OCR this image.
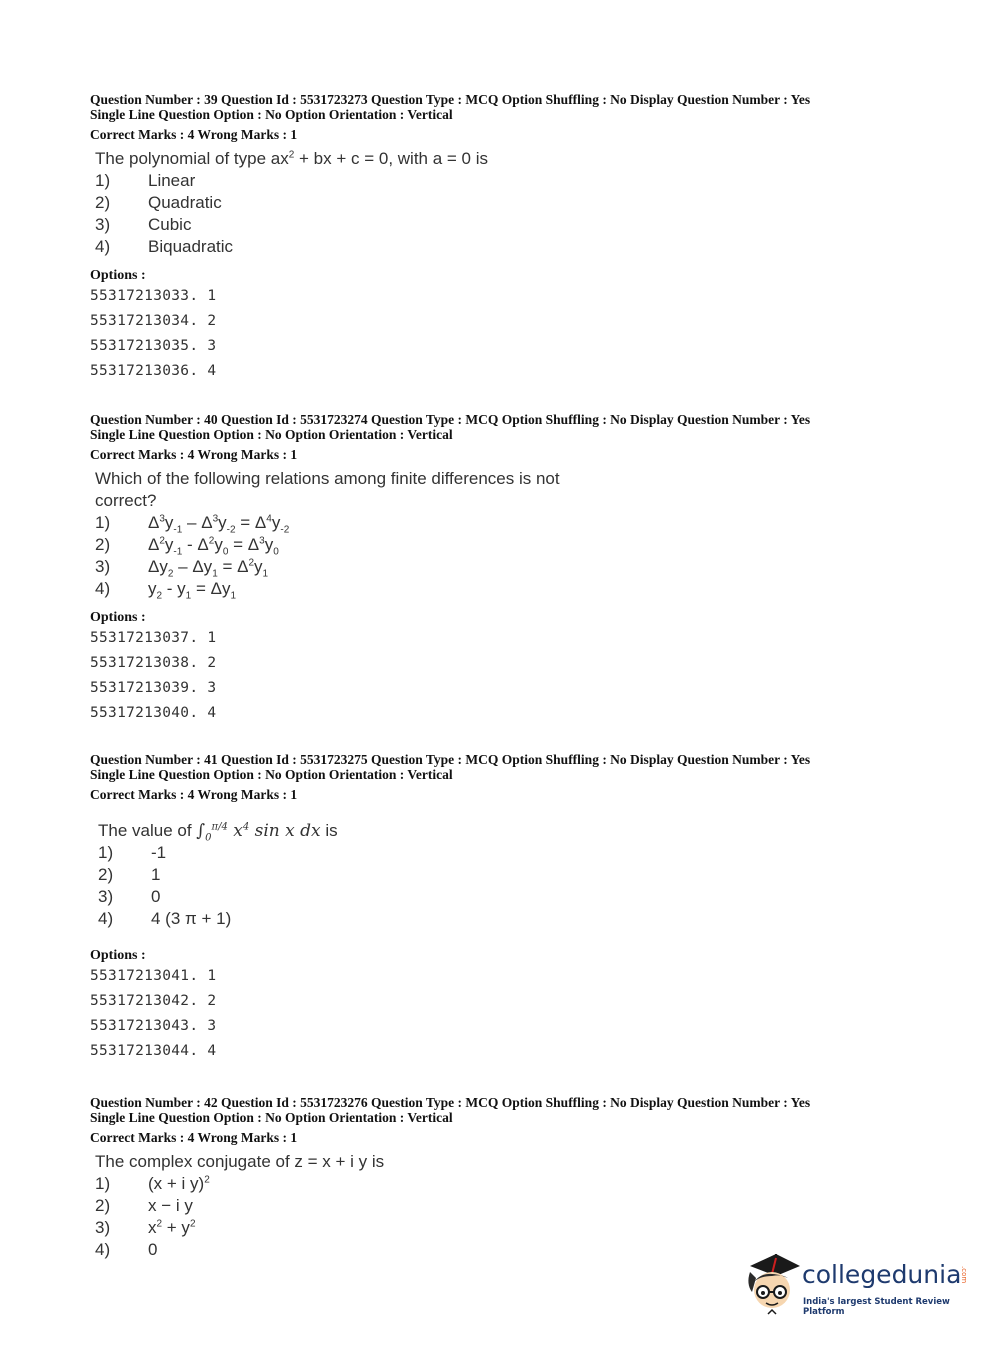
Question Number : 39 Question Id : 5531723273 Question Type : MCQ Option Shuffling : No Display Question Number : Yes
Single Line Question Option : No Option Orientation : Vertical
Correct Marks : 4 Wrong Marks : 1
The polynomial of type $ax^2$ + bx + c = 0, with a = 0 is
1)	Linear
2)	Quadratic
3)	Cubic
4)	Biquadratic
Options :
55317213033. 1
55317213034. 2
55317213035. 3
55317213036. 4
Question Number : 40 Question Id : 5531723274 Question Type : MCQ Option Shuffling : No Display Question Number : Yes
Single Line Question Option : No Option Orientation : Vertical
Correct Marks : 4 Wrong Marks : 1
Which of the following relations among finite differences is not
correct?
1)	$\Delta^3y_{-1} - \Delta^3y_{-2} = \Delta^4y_{-2}$
2)	$\Delta^2y_{-1} - \Delta^2y_0 = \Delta^3y_0$
3)	$\Delta y_2 - \Delta y_1 = \Delta^2y_1$
4)	$y_2 - y_1 = \Delta y_1$
Options :
55317213037. 1
55317213038. 2
55317213039. 3
55317213040. 4
Question Number : 41 Question Id : 5531723275 Question Type : MCQ Option Shuffling : No Display Question Number : Yes
Single Line Question Option : No Option Orientation : Vertical
Correct Marks : 4 Wrong Marks : 1
The value of $\int_0^{\pi/4}$ $x^4$ sin x dx is
1)	-1
2)	1
3)	0
4)	4 (3 π + 1)
Options :
55317213041. 1
55317213042. 2
55317213043. 3
55317213044. 4
Question Number : 42 Question Id : 5531723276 Question Type : MCQ Option Shuffling : No Display Question Number : Yes
Single Line Question Option : No Option Orientation : Vertical
Correct Marks : 4 Wrong Marks : 1
The complex conjugate of z = x + i y is
1)	(x + i y)$^2$
2)	x − i y
3)	$x^2 + y^2$
4)	0
collegedunia
.com
India's largest Student Review Platform
